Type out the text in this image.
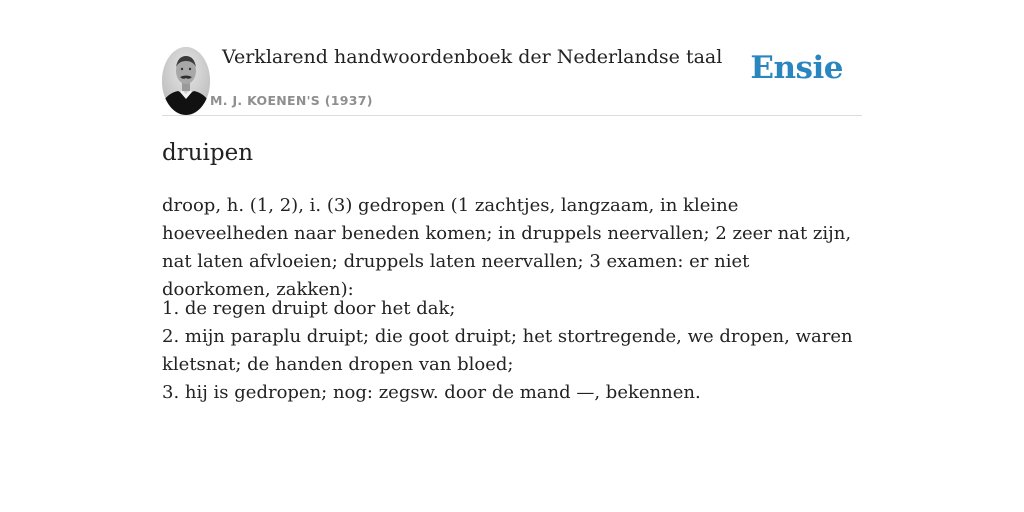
Verklarend handwoordenboek der Nederlandse taal
M. J. KOENEN'S (1937)
Ensie
druipen
droop, h. (1, 2), i. (3) gedropen (1 zachtjes, langzaam, in kleine hoeveelheden naar beneden komen; in druppels neervallen; 2 zeer nat zijn, nat laten afvloeien; druppels laten neervallen; 3 examen: er niet doorkomen, zakken):
1. de regen druipt door het dak;
2. mijn paraplu druipt; die goot druipt; het stortregende, we dropen, waren kletsnat; de handen dropen van bloed;
3. hij is gedropen; nog: zegsw. door de mand —, bekennen.
